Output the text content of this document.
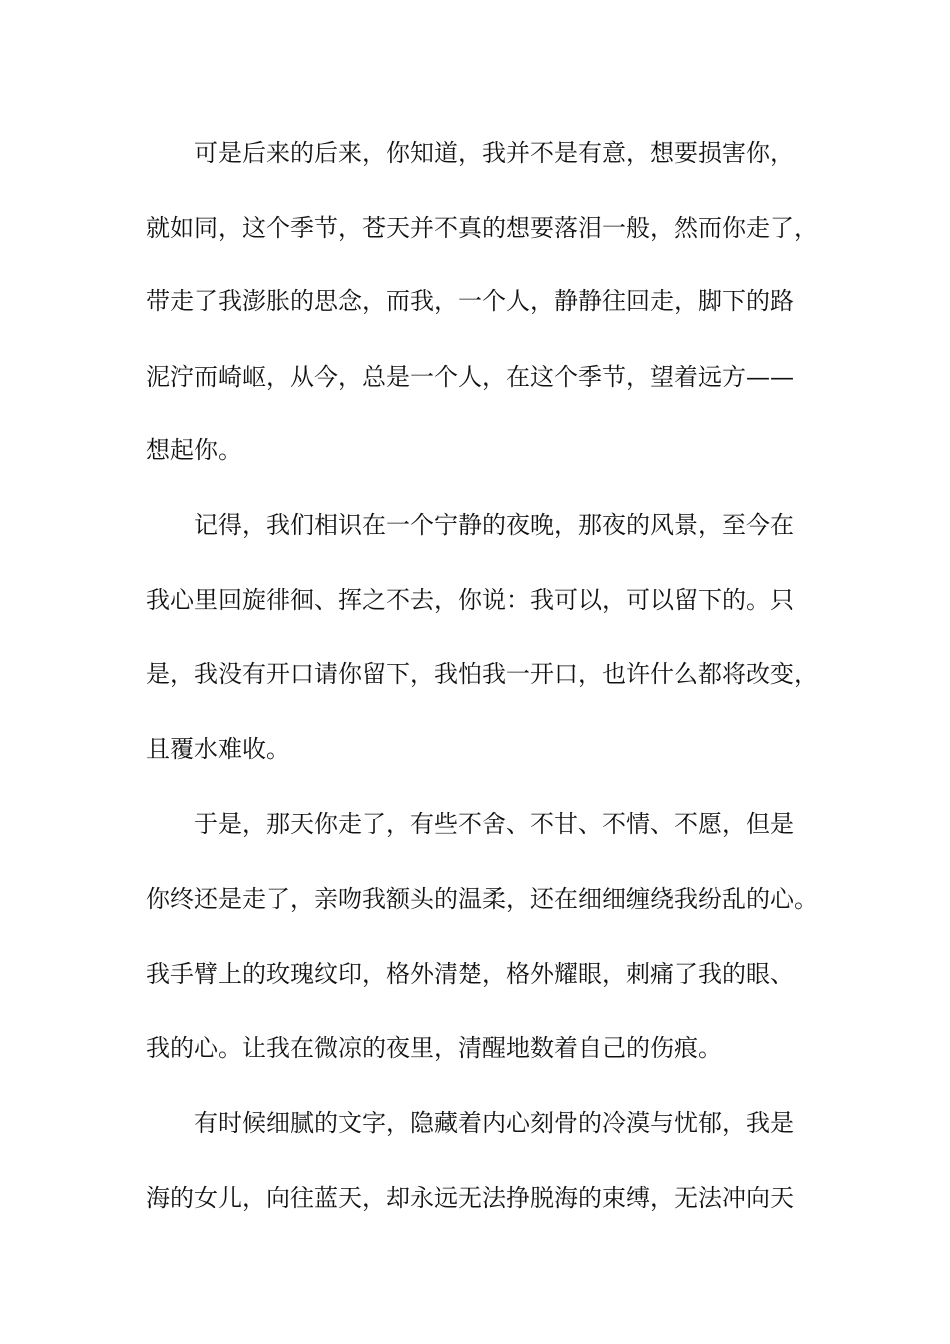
可是后来的后来，你知道，我并不是有意，想要损害你，

就如同，这个季节，苍天并不真的想要落泪一般，然而你走了，

带走了我澎胀的思念，而我，一个人，静静往回走，脚下的路

泥泞而崎岖，从今，总是一个人，在这个季节，望着远方——

想起你。

记得，我们相识在一个宁静的夜晚，那夜的风景，至今在

我心里回旋徘徊、挥之不去，你说：我可以，可以留下的。只

是，我没有开口请你留下，我怕我一开口，也许什么都将改变，

且覆水难收。

于是，那天你走了，有些不舍、不甘、不情、不愿，但是

你终还是走了，亲吻我额头的温柔，还在细细缠绕我纷乱的心。

我手臂上的玫瑰纹印，格外清楚，格外耀眼，刺痛了我的眼、

我的心。让我在微凉的夜里，清醒地数着自己的伤痕。

有时候细腻的文字，隐藏着内心刻骨的冷漠与忧郁，我是

海的女儿，向往蓝天，却永远无法挣脱海的束缚，无法冲向天
